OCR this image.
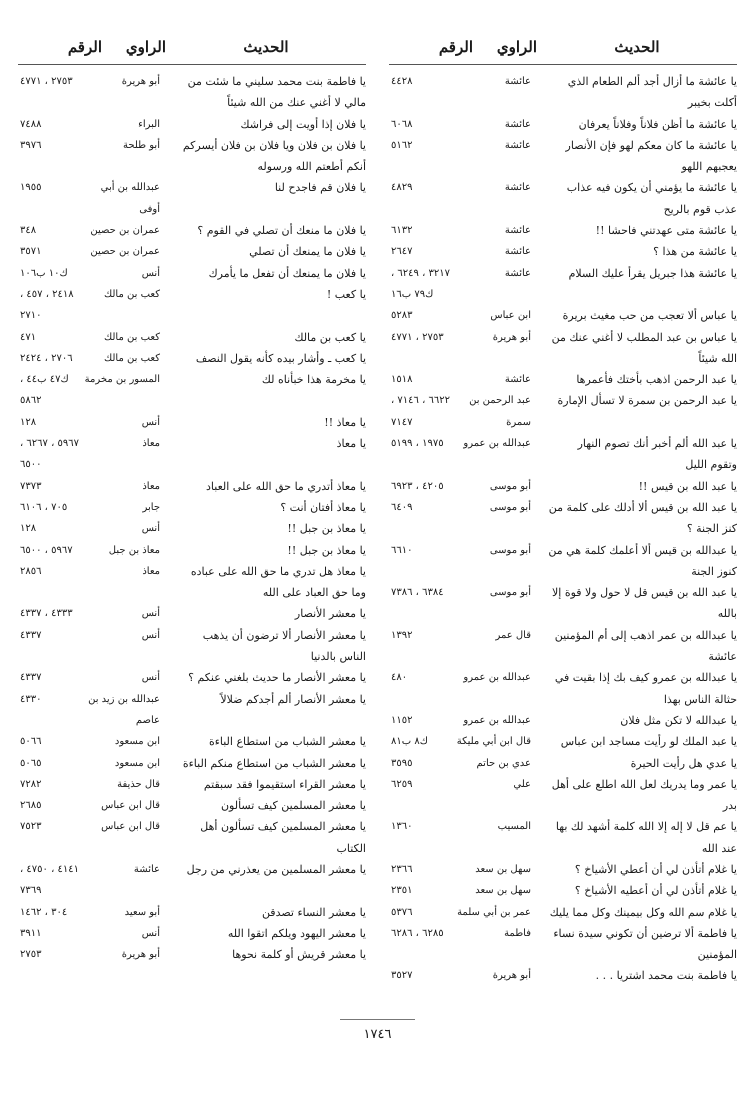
الحديث
الراوي
الرقم
يا عائشة ما أزال أجد ألم الطعام الذي
عائشة
٤٤٢٨
أكلت بخيبر
يا عائشة ما أظن فلاناً وفلاناً يعرفان
عائشة
٦٠٦٨
يا عائشة ما كان معكم لهو فإن الأنصار
عائشة
٥١٦٢
يعجبهم اللهو
يا عائشة ما يؤمني أن يكون فيه عذاب
عائشة
٤٨٢٩
عذب قوم بالريح
يا عائشة متى عهدتني فاحشا !!
عائشة
٦١٣٢
يا عائشة من هذا ؟
عائشة
٢٦٤٧
يا عائشة هذا جبريل يقرأ عليك السلام
عائشة
٣٢١٧ ، ٦٢٤٩ ،
ك٧٩ ب١٦
يا عباس ألا تعجب من حب مغيث بريرة
ابن عباس
٥٢٨٣
يا عباس بن عبد المطلب لا أغني عنك من
أبو هريرة
٢٧٥٣ ، ٤٧٧١
الله شيئاً
يا عبد الرحمن اذهب بأختك فأعمرها
عائشة
١٥١٨
يا عبد الرحمن بن سمرة لا تسأل الإمارة
عبد الرحمن بن
٦٦٢٢ ، ٧١٤٦ ،
سمرة
٧١٤٧
يا عبد الله ألم أخبر أنك تصوم النهار
عبدالله بن عمرو
١٩٧٥ ، ٥١٩٩
وتقوم الليل
يا عبد الله بن قيس !!
أبو موسى
٤٢٠٥ ، ٦٩٢٣
يا عبد الله بن قيس ألا أدلك على كلمة من
أبو موسى
٦٤٠٩
كنز الجنة ؟
يا عبدالله بن قيس ألا أعلمك كلمة هي من
أبو موسى
٦٦١٠
كنوز الجنة
يا عبد الله بن قيس قل لا حول ولا قوة إلا
أبو موسى
٦٣٨٤ ، ٧٣٨٦
بالله
يا عبدالله بن عمر اذهب إلى أم المؤمنين
قال عمر
١٣٩٢
عائشة
يا عبدالله بن عمرو كيف بك إذا بقيت في
عبدالله بن عمرو
٤٨٠
حثالة الناس بهذا
يا عبدالله لا تكن مثل فلان
عبدالله بن عمرو
١١٥٢
يا عبد الملك لو رأيت مساجد ابن عباس
قال ابن أبي مليكة
ك٨ ب٨١
يا عدي هل رأيت الحيرة
عدي بن حاتم
٣٥٩٥
يا عمر وما يدريك لعل الله اطلع على أهل
علي
٦٢٥٩
بدر
يا عم قل لا إله إلا الله كلمة أشهد لك بها
المسيب
١٣٦٠
عند الله
يا غلام أتأذن لي أن أعطي الأشياخ ؟
سهل بن سعد
٢٣٦٦
يا غلام أتأذن لي أن أعطيه الأشياخ ؟
سهل بن سعد
٢٣٥١
يا غلام سم الله وكل بيمينك وكل مما يليك
عمر بن أبي سلمة
٥٣٧٦
يا فاطمة ألا ترضين أن تكوني سيدة نساء
فاطمة
٦٢٨٥ ، ٦٢٨٦
المؤمنين
يا فاطمة بنت محمد اشتريا . . .
أبو هريرة
٣٥٢٧
الحديث
الراوي
الرقم
يا فاطمة بنت محمد سليني ما شئت من
أبو هريرة
٢٧٥٣ ، ٤٧٧١
مالي لا أغني عنك من الله شيئاً
يا فلان إذا أويت إلى فراشك
البراء
٧٤٨٨
يا فلان بن فلان ويا فلان بن فلان أيسركم
أبو طلحة
٣٩٧٦
أنكم أطعتم الله ورسوله
يا فلان قم فاجدح لنا
عبدالله بن أبي
١٩٥٥
أوفى
يا فلان ما منعك أن تصلي في القوم ؟
عمران بن حصين
٣٤٨
يا فلان ما يمنعك أن تصلي
عمران بن حصين
٣٥٧١
يا فلان ما يمنعك أن تفعل ما يأمرك
أنس
ك١٠ ب١٠٦
يا كعب !
كعب بن مالك
٢٤١٨ ، ٤٥٧ ،
٢٧١٠
يا كعب بن مالك
كعب بن مالك
٤٧١
يا كعب ـ وأشار بيده كأنه يقول النصف
كعب بن مالك
٢٧٠٦ ، ٢٤٢٤
يا مخرمة هذا خبأناه لك
المسور بن مخرمة
ك٤٧ ب٤٤ ،
٥٨٦٢
يا معاذ !!
أنس
١٢٨
يا معاذ
معاذ
٥٩٦٧ ، ٦٢٦٧ ،
٦٥٠٠
يا معاذ أتدري ما حق الله على العباد
معاذ
٧٣٧٣
يا معاذ أفتان أنت ؟
جابر
٧٠٥ ، ٦١٠٦
يا معاذ بن جبل !!
أنس
١٢٨
يا معاذ بن جبل !!
معاذ بن جبل
٥٩٦٧ ، ٦٥٠٠
يا معاذ هل تدري ما حق الله على عباده
معاذ
٢٨٥٦
وما حق العباد على الله
يا معشر الأنصار
أنس
٤٣٣٣ ، ٤٣٣٧
يا معشر الأنصار ألا ترضون أن يذهب
أنس
٤٣٣٧
الناس بالدنيا
يا معشر الأنصار ما حديث بلغني عنكم ؟
أنس
٤٣٣٧
يا معشر الأنصار ألم أجدكم ضلالاً
عبدالله بن زيد بن
٤٣٣٠
عاصم
يا معشر الشباب من استطاع الباءة
ابن مسعود
٥٠٦٦
يا معشر الشباب من استطاع منكم الباءة
ابن مسعود
٥٠٦٥
يا معشر القراء استقيموا فقد سبقتم
قال حذيفة
٧٢٨٢
يا معشر المسلمين كيف تسألون
قال ابن عباس
٢٦٨٥
يا معشر المسلمين كيف تسألون أهل
قال ابن عباس
٧٥٢٣
الكتاب
يا معشر المسلمين من يعذرني من رجل
عائشة
٤١٤١ ، ٤٧٥٠ ،
٧٣٦٩
يا معشر النساء تصدقن
أبو سعيد
٣٠٤ ، ١٤٦٢
يا معشر اليهود ويلكم اتقوا الله
أنس
٣٩١١
يا معشر قريش أو كلمة نحوها
أبو هريرة
٢٧٥٣
١٧٤٦
